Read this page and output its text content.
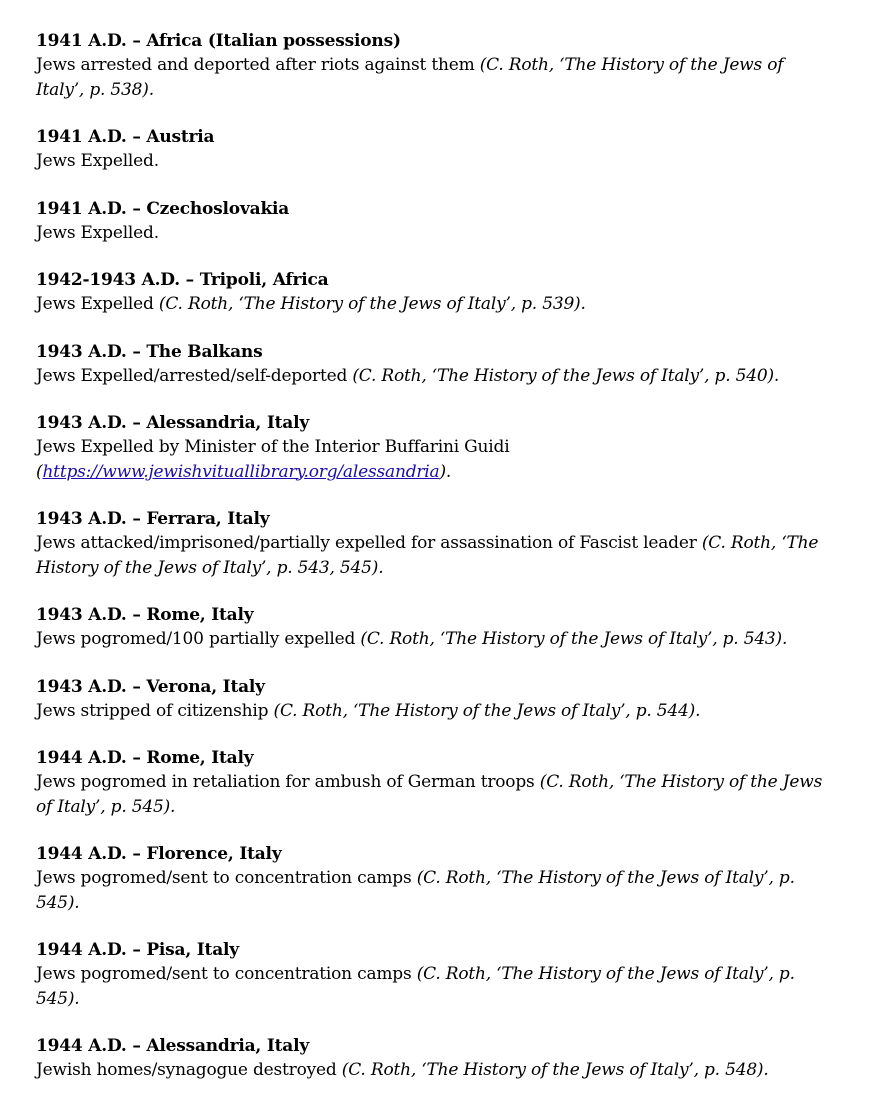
1941 A.D. – Africa (Italian possessions)
Jews arrested and deported after riots against them (C. Roth, ‘The History of the Jews of Italy’, p. 538).
1941 A.D. – Austria
Jews Expelled.
1941 A.D. – Czechoslovakia
Jews Expelled.
1942-1943 A.D. – Tripoli, Africa
Jews Expelled (C. Roth, ‘The History of the Jews of Italy’, p. 539).
1943 A.D. – The Balkans
Jews Expelled/arrested/self-deported (C. Roth, ‘The History of the Jews of Italy’, p. 540).
1943 A.D. – Alessandria, Italy
Jews Expelled by Minister of the Interior Buffarini Guidi
(https://www.jewishvituallibrary.org/alessandria).
1943 A.D. – Ferrara, Italy
Jews attacked/imprisoned/partially expelled for assassination of Fascist leader (C. Roth, ‘The History of the Jews of Italy’, p. 543, 545).
1943 A.D. – Rome, Italy
Jews pogromed/100 partially expelled (C. Roth, ‘The History of the Jews of Italy’, p. 543).
1943 A.D. – Verona, Italy
Jews stripped of citizenship (C. Roth, ‘The History of the Jews of Italy’, p. 544).
1944 A.D. – Rome, Italy
Jews pogromed in retaliation for ambush of German troops (C. Roth, ‘The History of the Jews of Italy’, p. 545).
1944 A.D. – Florence, Italy
Jews pogromed/sent to concentration camps (C. Roth, ‘The History of the Jews of Italy’, p. 545).
1944 A.D. – Pisa, Italy
Jews pogromed/sent to concentration camps (C. Roth, ‘The History of the Jews of Italy’, p. 545).
1944 A.D. – Alessandria, Italy
Jewish homes/synagogue destroyed (C. Roth, ‘The History of the Jews of Italy’, p. 548).
